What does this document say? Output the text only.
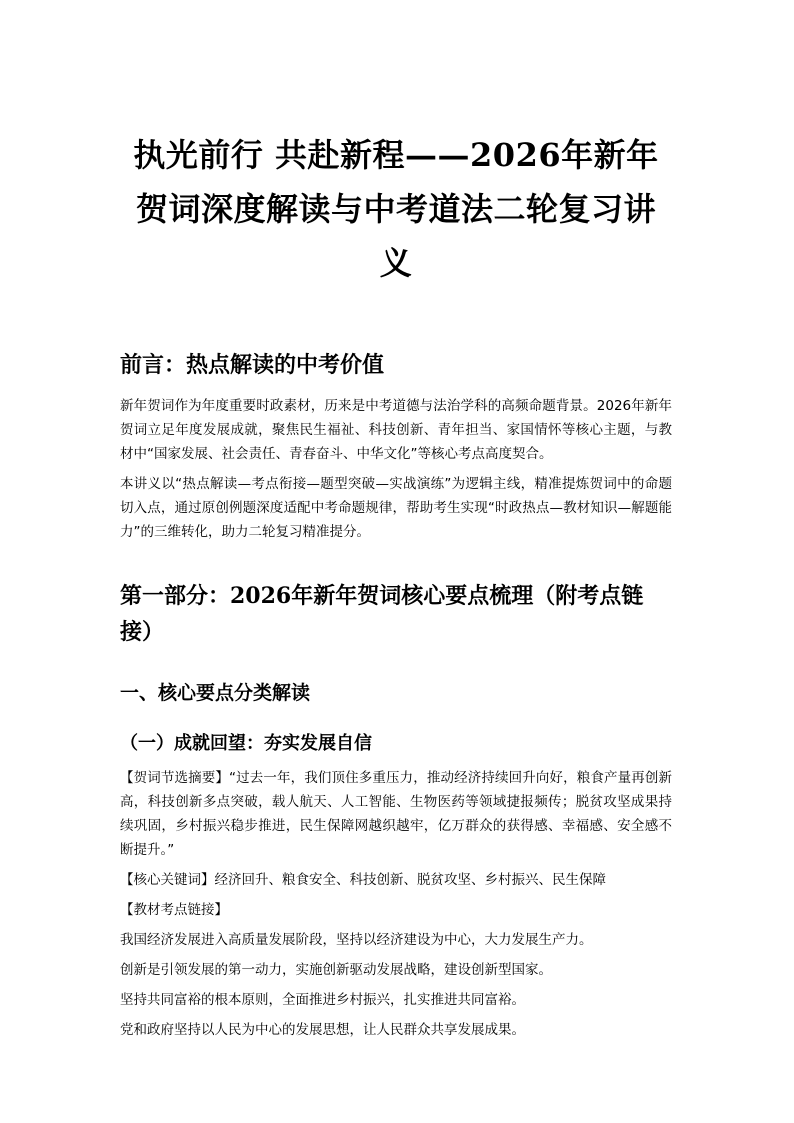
执光前行 共赴新程——2026年新年贺词深度解读与中考道法二轮复习讲义
前言：热点解读的中考价值

新年贺词作为年度重要时政素材，历来是中考道德与法治学科的高频命题背景。2026年新年贺词立足年度发展成就，聚焦民生福祉、科技创新、青年担当、家国情怀等核心主题，与教材中“国家发展、社会责任、青春奋斗、中华文化”等核心考点高度契合。

本讲义以“热点解读—考点衔接—题型突破—实战演练”为逻辑主线，精准提炼贺词中的命题切入点，通过原创例题深度适配中考命题规律，帮助考生实现“时政热点—教材知识—解题能力”的三维转化，助力二轮复习精准提分。

第一部分：2026年新年贺词核心要点梳理（附考点链接）
一、核心要点分类解读
（一）成就回望：夯实发展自信

【贺词节选摘要】“过去一年，我们顶住多重压力，推动经济持续回升向好，粮食产量再创新高，科技创新多点突破，载人航天、人工智能、生物医药等领域捷报频传；脱贫攻坚成果持续巩固，乡村振兴稳步推进，民生保障网越织越牢，亿万群众的获得感、幸福感、安全感不断提升。”

【核心关键词】经济回升、粮食安全、科技创新、脱贫攻坚、乡村振兴、民生保障

【教材考点链接】

我国经济发展进入高质量发展阶段，坚持以经济建设为中心，大力发展生产力。

创新是引领发展的第一动力，实施创新驱动发展战略，建设创新型国家。

坚持共同富裕的根本原则，全面推进乡村振兴，扎实推进共同富裕。

党和政府坚持以人民为中心的发展思想，让人民群众共享发展成果。
